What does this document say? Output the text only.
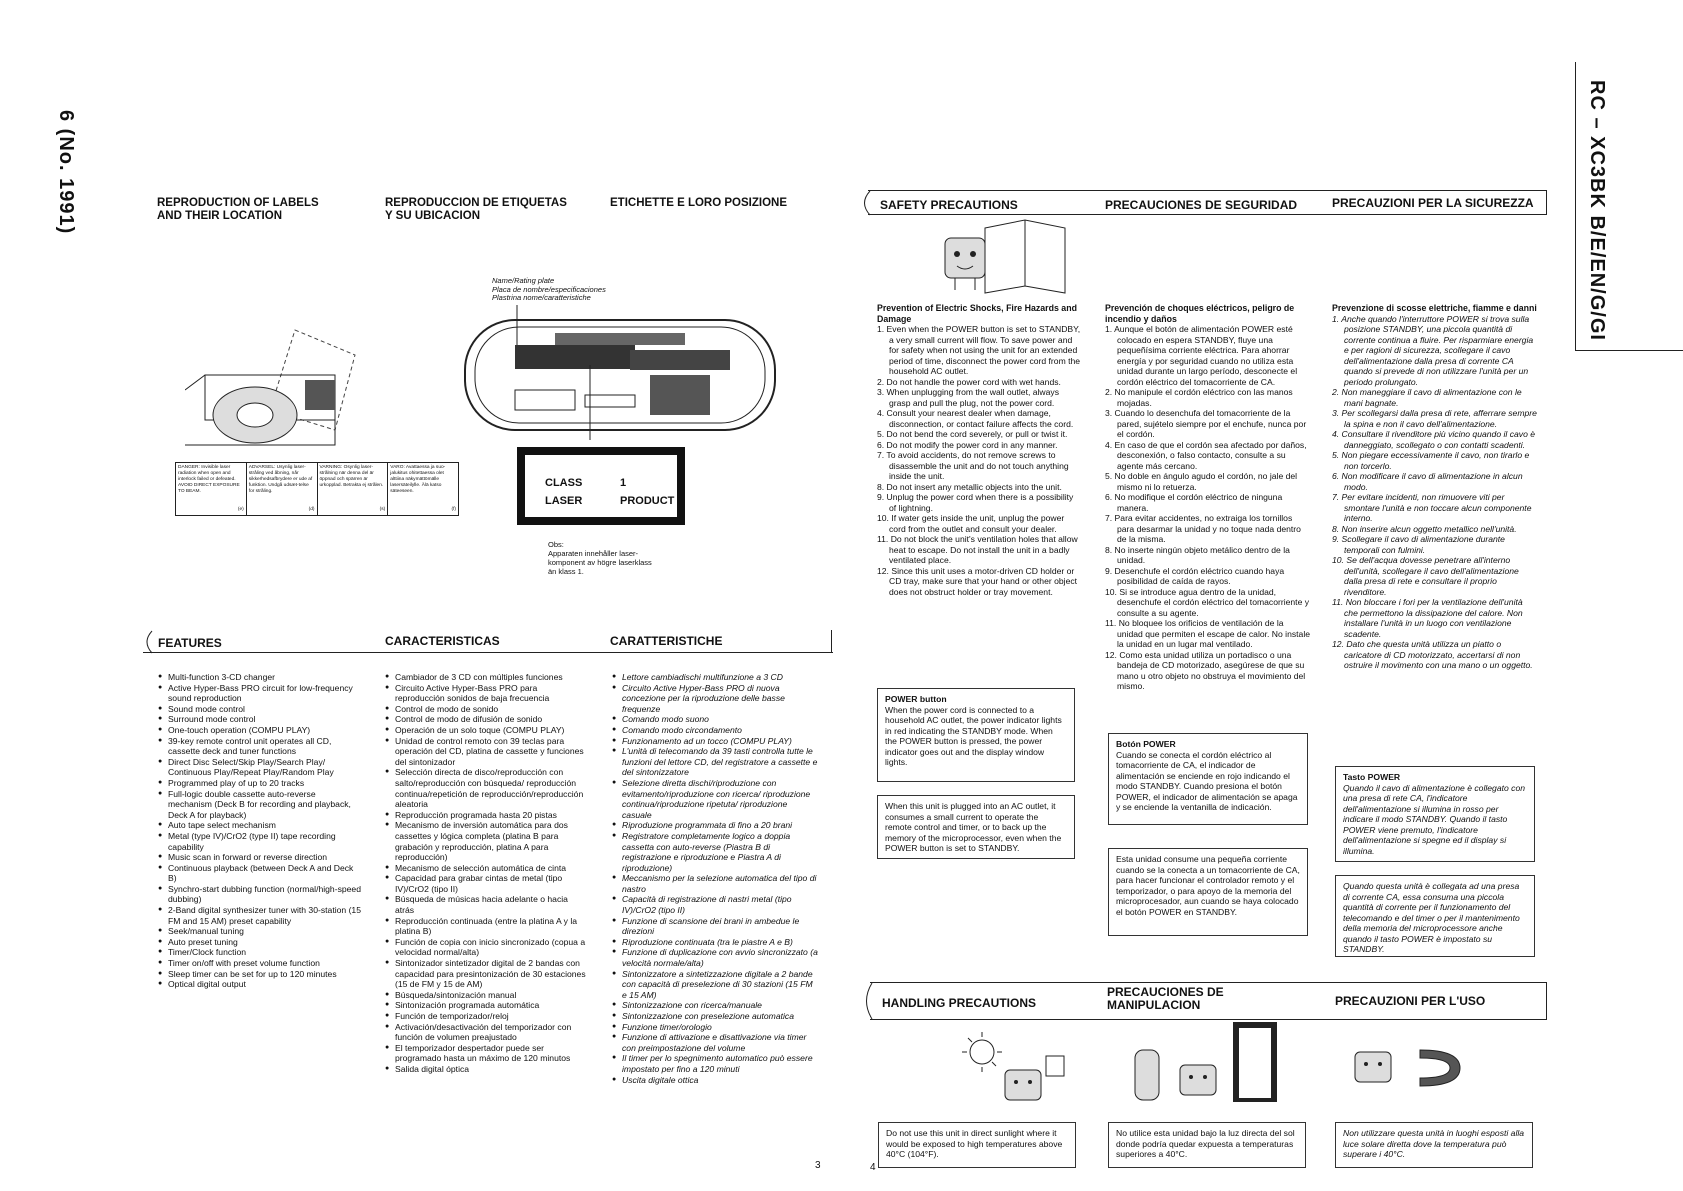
6 (No. 1991)	RC – XC3BK B/E/EN/G/GI
REPRODUCTION OF LABELS
AND THEIR LOCATION
REPRODUCCION DE ETIQUETAS
Y SU UBICACION
ETICHETTE E LORO POSIZIONE
DANGER: Invisible laser radiation when open and interlock failed or defeated. AVOID DIRECT EXPOSURE TO BEAM.
(e)
ADVARSEL: Usynlig laser-stråling ved åbning, når sikkerhedsafbrydere er ude af funktion. Undgå udsæt-telse for stråling.
(d)
VARNING: Osynlig laser-strålning när denna del är öppnad och spärren är urkopplad. Betrakta ej strålen.
(s)
VARO: Avattaessa ja suo-jalukitus ohitettaessa olet alttiina näkymättömälle lasersäteilylle. Älä katso säteeseen.
(f)
Name/Rating plate
Placa de nombre/especificaciones
Plastrina nome/caratteristiche
CLASS	1
LASER	PRODUCT
Obs:
Apparaten innehåller laser-
komponent av högre laserklass
än klass 1.
FEATURES	CARACTERISTICAS	CARATTERISTICHE
● Multi-function 3-CD changer
● Active Hyper-Bass PRO circuit for low-frequency sound reproduction
● Sound mode control
● Surround mode control
● One-touch operation (COMPU PLAY)
● 39-key remote control unit operates all CD, cassette deck and tuner functions
● Direct Disc Select/Skip Play/Search Play/ Continuous Play/Repeat Play/Random Play
● Programmed play of up to 20 tracks
● Full-logic double cassette auto-reverse mechanism (Deck B for recording and playback, Deck A for playback)
● Auto tape select mechanism
● Metal (type IV)/CrO2 (type II) tape recording capability
● Music scan in forward or reverse direction
● Continuous playback (between Deck A and Deck B)
● Synchro-start dubbing function (normal/high-speed dubbing)
● 2-Band digital synthesizer tuner with 30-station (15 FM and 15 AM) preset capability
● Seek/manual tuning
● Auto preset tuning
● Timer/Clock function
● Timer on/off with preset volume function
● Sleep timer can be set for up to 120 minutes
● Optical digital output
● Cambiador de 3 CD con múltiples funciones
● Circuito Active Hyper-Bass PRO para reproducción sonidos de baja frecuencia
● Control de modo de sonido
● Control de modo de difusión de sonido
● Operación de un solo toque (COMPU PLAY)
● Unidad de control remoto con 39 teclas para operación del CD, platina de cassette y funciones del sintonizador
● Selección directa de disco/reproducción con salto/reproducción con búsqueda/ reproducción continua/repetición de reproducción/reproducción aleatoria
● Reproducción programada hasta 20 pistas
● Mecanismo de inversión automática para dos cassettes y lógica completa (platina B para grabación y reproducción, platina A para reproducción)
● Mecanismo de selección automática de cinta
● Capacidad para grabar cintas de metal (tipo IV)/CrO2 (tipo II)
● Búsqueda de músicas hacia adelante o hacia atrás
● Reproducción continuada (entre la platina A y la platina B)
● Función de copia con inicio sincronizado (copua a velocidad normal/alta)
● Sintonizador sintetizador digital de 2 bandas con capacidad para presintonización de 30 estaciones (15 de FM y 15 de AM)
● Búsqueda/sintonización manual
● Sintonización programada automática
● Función de temporizador/reloj
● Activación/desactivación del temporizador con función de volumen preajustado
● El temporizador despertador puede ser programado hasta un máximo de 120 minutos
● Salida digital óptica
● Lettore cambiadischi multifunzione a 3 CD
● Circuito Active Hyper-Bass PRO di nuova concezione per la riproduzione delle basse frequenze
● Comando modo suono
● Comando modo circondamento
● Funzionamento ad un tocco (COMPU PLAY)
● L'unità di telecomando da 39 tasti controlla tutte le funzioni del lettore CD, del registratore a cassette e del sintonizzatore
● Selezione diretta dischi/riproduzione con evitamento/riproduzione con ricerca/ riproduzione continua/riproduzione ripetuta/ riproduzione casuale
● Riproduzione programmata di fino a 20 brani
● Registratore completamente logico a doppia cassetta con auto-reverse (Piastra B di registrazione e riproduzione e Piastra A di riproduzione)
● Meccanismo per la selezione automatica del tipo di nastro
● Capacità di registrazione di nastri metal (tipo IV)/CrO2 (tipo II)
● Funzione di scansione dei brani in ambedue le direzioni
● Riproduzione continuata (tra le piastre A e B)
● Funzione di duplicazione con avvio sincronizzato (a velocità normale/alta)
● Sintonizzatore a sintetizzazione digitale a 2 bande con capacità di preselezione di 30 stazioni (15 FM e 15 AM)
● Sintonizzazione con ricerca/manuale
● Sintonizzazione con preselezione automatica
● Funzione timer/orologio
● Funzione di attivazione e disattivazione via timer con preimpostazione del volume
● Il timer per lo spegnimento automatico può essere impostato per fino a 120 minuti
● Uscita digitale ottica
3	4
SAFETY PRECAUTIONS	PRECAUCIONES DE SEGURIDAD	PRECAUZIONI PER LA SICUREZZA

Prevention of Electric Shocks, Fire Hazards and Damage

1. Even when the POWER button is set to STANDBY, a very small current will flow. To save power and for safety when not using the unit for an extended period of time, disconnect the power cord from the household AC outlet.
2. Do not handle the power cord with wet hands.
3. When unplugging from the wall outlet, always grasp and pull the plug, not the power cord.
4. Consult your nearest dealer when damage, disconnection, or contact failure affects the cord.
5. Do not bend the cord severely, or pull or twist it.
6. Do not modify the power cord in any manner.
7. To avoid accidents, do not remove screws to disassemble the unit and do not touch anything inside the unit.
8. Do not insert any metallic objects into the unit.
9. Unplug the power cord when there is a possibility of lightning.
10. If water gets inside the unit, unplug the power cord from the outlet and consult your dealer.
11. Do not block the unit's ventilation holes that allow heat to escape. Do not install the unit in a badly ventilated place.
12. Since this unit uses a motor-driven CD holder or CD tray, make sure that your hand or other object does not obstruct holder or tray movement.
POWER button
When the power cord is connected to a household AC outlet, the power indicator lights in red indicating the STANDBY mode. When the POWER button is pressed, the power indicator goes out and the display window lights.
When this unit is plugged into an AC outlet, it consumes a small current to operate the remote control and timer, or to back up the memory of the microprocessor, even when the POWER button is set to STANDBY.

Prevención de choques eléctricos, peligro de incendio y daños

1. Aunque el botón de alimentación POWER esté colocado en espera STANDBY, fluye una pequeñísima corriente eléctrica. Para ahorrar energía y por seguridad cuando no utiliza esta unidad durante un largo período, desconecte el cordón eléctrico del tomacorriente de CA.
2. No manipule el cordón eléctrico con las manos mojadas.
3. Cuando lo desenchufa del tomacorriente de la pared, sujételo siempre por el enchufe, nunca por el cordón.
4. En caso de que el cordón sea afectado por daños, desconexión, o falso contacto, consulte a su agente más cercano.
5. No doble en ángulo agudo el cordón, no jale del mismo ni lo retuerza.
6. No modifique el cordón eléctrico de ninguna manera.
7. Para evitar accidentes, no extraiga los tornillos para desarmar la unidad y no toque nada dentro de la misma.
8. No inserte ningún objeto metálico dentro de la unidad.
9. Desenchufe el cordón eléctrico cuando haya posibilidad de caída de rayos.
10. Si se introduce agua dentro de la unidad, desenchufe el cordón eléctrico del tomacorriente y consulte a su agente.
11. No bloquee los orificios de ventilación de la unidad que permiten el escape de calor. No instale la unidad en un lugar mal ventilado.
12. Como esta unidad utiliza un portadisco o una bandeja de CD motorizado, asegúrese de que su mano u otro objeto no obstruya el movimiento del mismo.
Botón POWER
Cuando se conecta el cordón eléctrico al tomacorriente de CA, el indicador de alimentación se enciende en rojo indicando el modo STANDBY. Cuando presiona el botón POWER, el indicador de alimentación se apaga y se enciende la ventanilla de indicación.
Esta unidad consume una pequeña corriente cuando se la conecta a un tomacorriente de CA, para hacer funcionar el controlador remoto y el temporizador, o para apoyo de la memoria del microprocesador, aun cuando se haya colocado el botón POWER en STANDBY.

Prevenzione di scosse elettriche, fiamme e danni

1. Anche quando l'interruttore POWER si trova sulla posizione STANDBY, una piccola quantità di corrente continua a fluire. Per risparmiare energia e per ragioni di sicurezza, scollegare il cavo dell'alimentazione dalla presa di corrente CA quando si prevede di non utilizzare l'unità per un periodo prolungato.
2. Non maneggiare il cavo di alimentazione con le mani bagnate.
3. Per scollegarsi dalla presa di rete, afferrare sempre la spina e non il cavo dell'alimentazione.
4. Consultare il rivenditore più vicino quando il cavo è danneggiato, scollegato o con contatti scadenti.
5. Non piegare eccessivamente il cavo, non tirarlo e non torcerlo.
6. Non modificare il cavo di alimentazione in alcun modo.
7. Per evitare incidenti, non rimuovere viti per smontare l'unità e non toccare alcun componente interno.
8. Non inserire alcun oggetto metallico nell'unità.
9. Scollegare il cavo di alimentazione durante temporali con fulmini.
10. Se dell'acqua dovesse penetrare all'interno dell'unità, scollegare il cavo dell'alimentazione dalla presa di rete e consultare il proprio rivenditore.
11. Non bloccare i fori per la ventilazione dell'unità che permettono la dissipazione del calore. Non installare l'unità in un luogo con ventilazione scadente.
12. Dato che questa unità utilizza un piatto o caricatore di CD motorizzato, accertarsi di non ostruire il movimento con una mano o un oggetto.
Tasto POWER
Quando il cavo di alimentazione è collegato con una presa di rete CA, l'indicatore dell'alimentazione si illumina in rosso per indicare il modo STANDBY. Quando il tasto POWER viene premuto, l'indicatore dell'alimentazione si spegne ed il display si illumina.
Quando questa unità è collegata ad una presa di corrente CA, essa consuma una piccola quantità di corrente per il funzionamento del telecomando e del timer o per il mantenimento della memoria del microprocessore anche quando il tasto POWER è impostato su STANDBY.
HANDLING PRECAUTIONS
PRECAUCIONES DE
MANIPULACION	PRECAUZIONI PER L'USO
Do not use this unit in direct sunlight where it would be exposed to high temperatures above 40°C (104°F).
No utilice esta unidad bajo la luz directa del sol donde podría quedar expuesta a temperaturas superiores a 40°C.
Non utilizzare questa unità in luoghi esposti alla luce solare diretta dove la temperatura può superare i 40°C.
